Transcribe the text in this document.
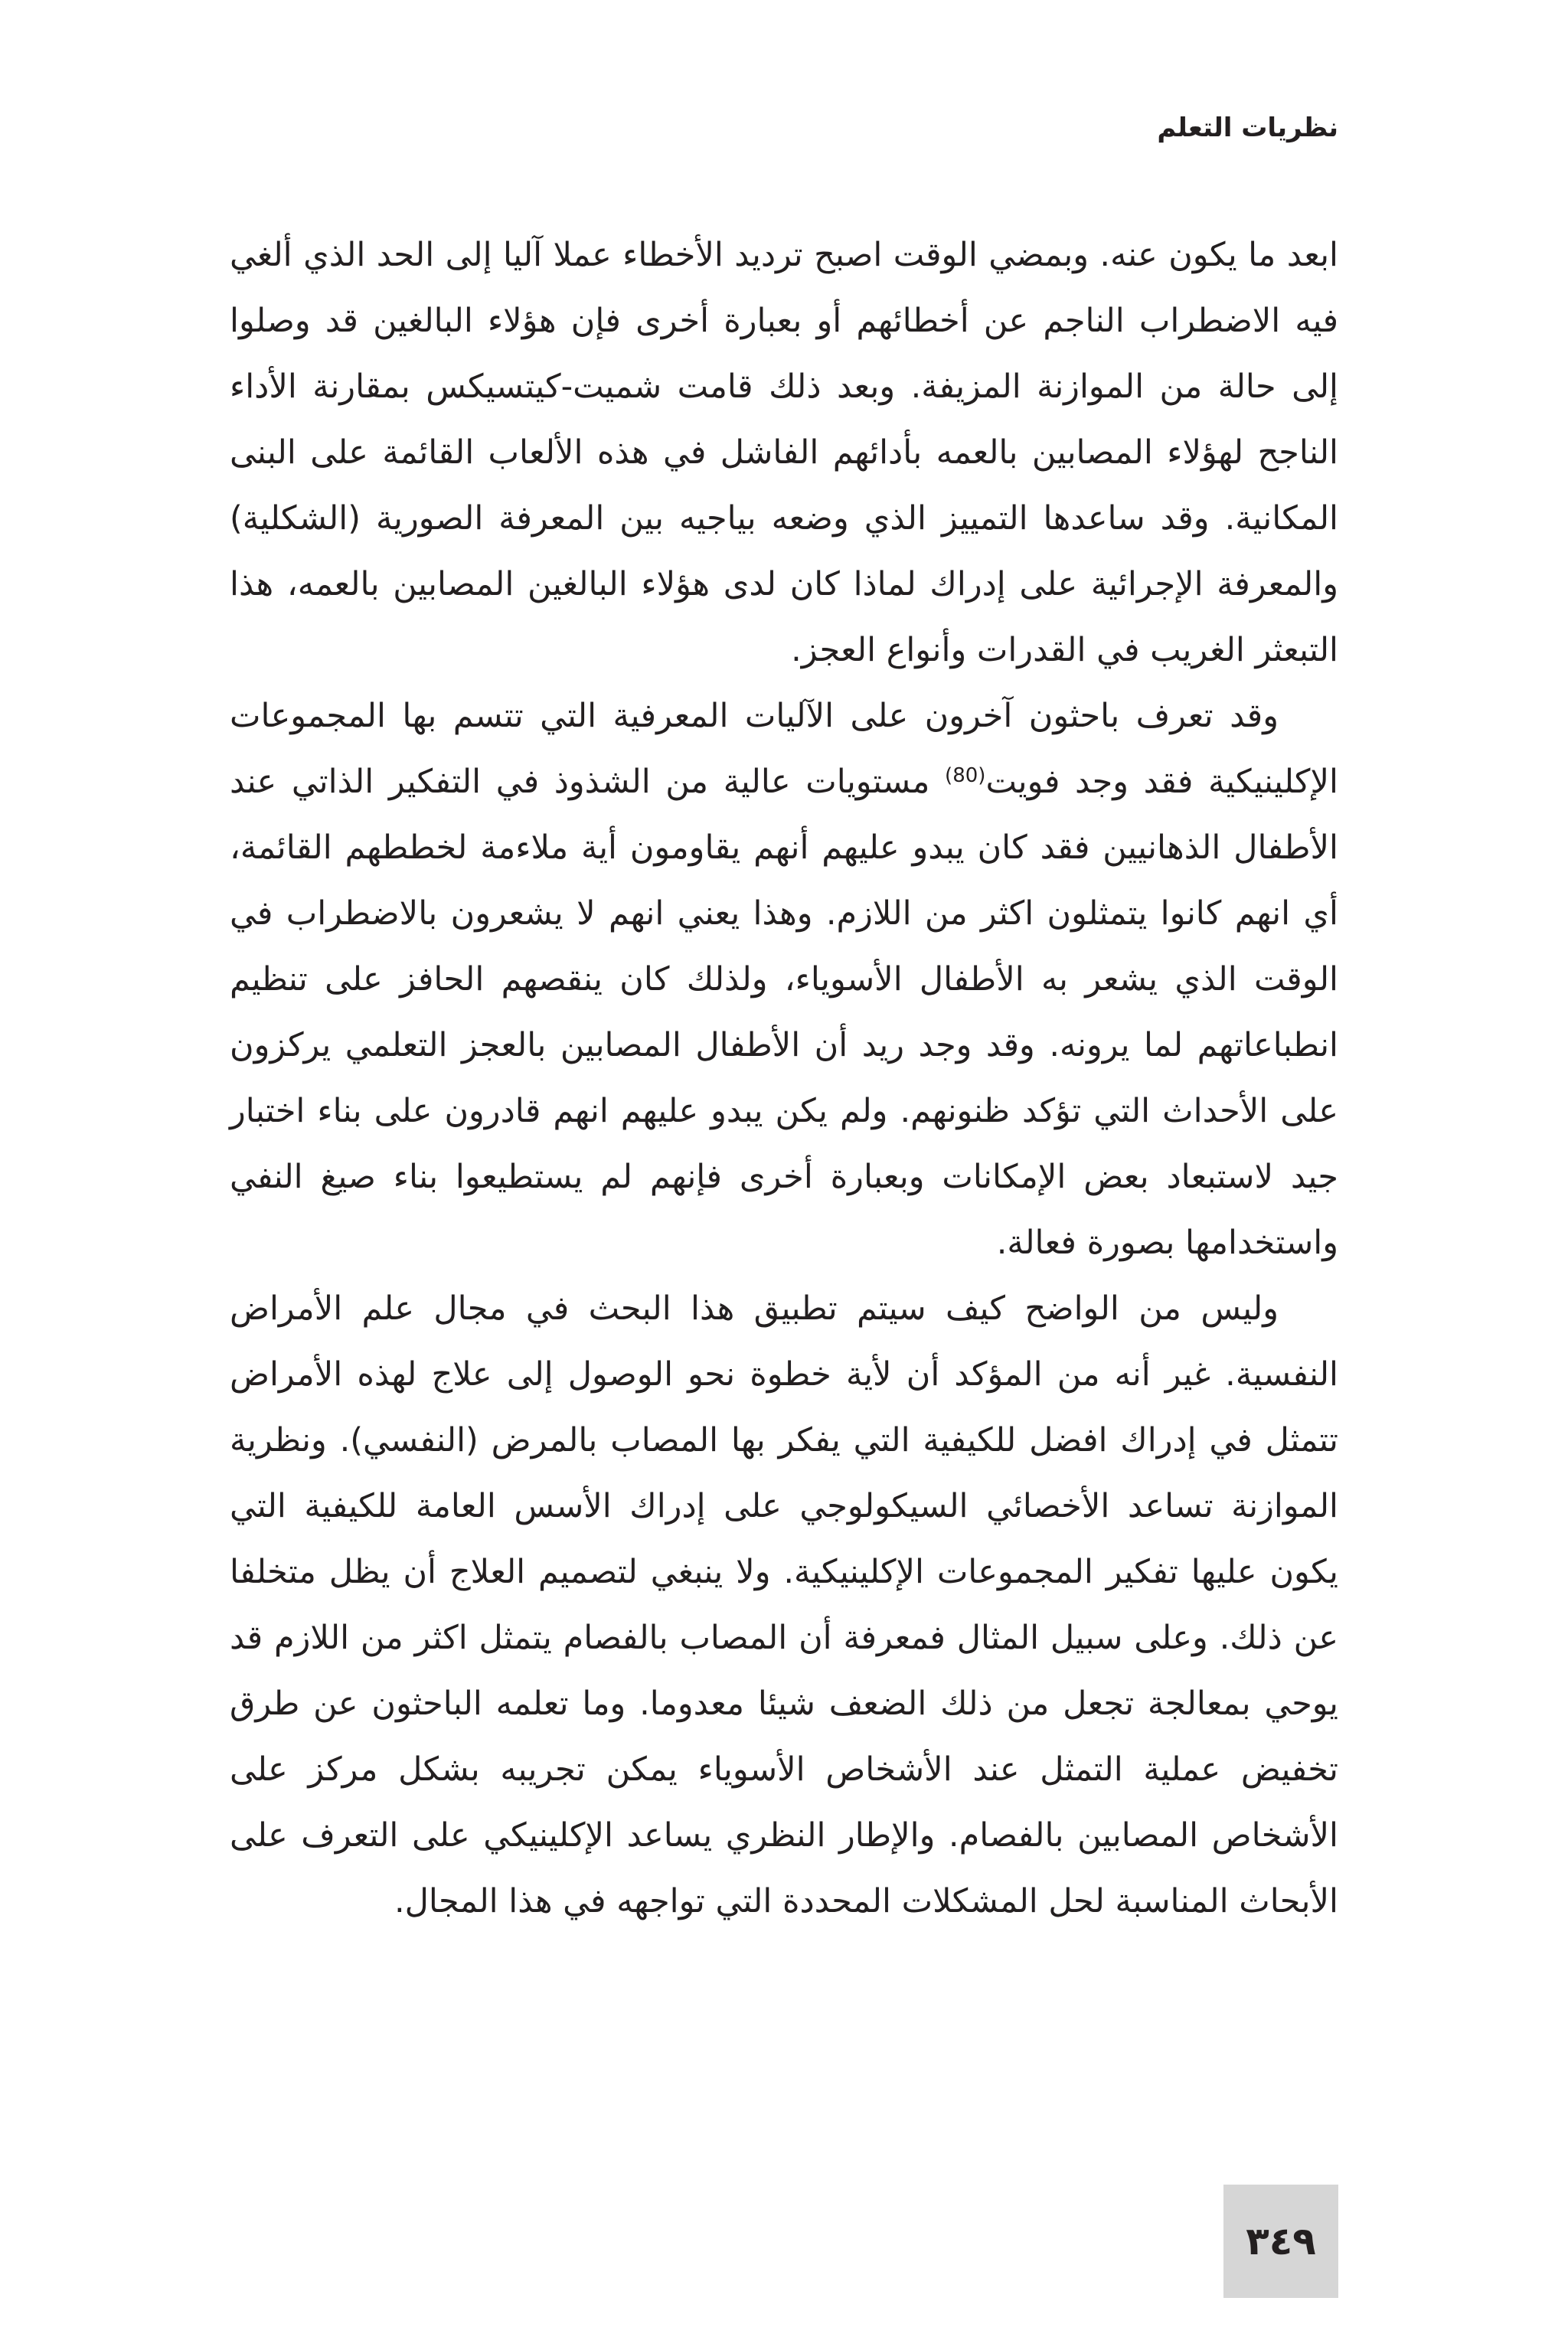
نظريات التعلم

ابعد ما يكون عنه. وبمضي الوقت اصبح ترديد الأخطاء عملا آليا إلى الحد الذي ألغي فيه الاضطراب الناجم عن أخطائهم أو بعبارة أخرى فإن هؤلاء البالغين قد وصلوا إلى حالة من الموازنة المزيفة. وبعد ذلك قامت شميت-كيتسيكس بمقارنة الأداء الناجح لهؤلاء المصابين بالعمه بأدائهم الفاشل في هذه الألعاب القائمة على البنى المكانية. وقد ساعدها التمييز الذي وضعه بياجيه بين المعرفة الصورية (الشكلية) والمعرفة الإجرائية على إدراك لماذا كان لدى هؤلاء البالغين المصابين بالعمه، هذا التبعثر الغريب في القدرات وأنواع العجز.

وقد تعرف باحثون آخرون على الآليات المعرفية التي تتسم بها المجموعات الإكلينيكية فقد وجد فويت$^{(80)}$ مستويات عالية من الشذوذ في التفكير الذاتي عند الأطفال الذهانيين فقد كان يبدو عليهم أنهم يقاومون أية ملاءمة لخططهم القائمة، أي انهم كانوا يتمثلون اكثر من اللازم. وهذا يعني انهم لا يشعرون بالاضطراب في الوقت الذي يشعر به الأطفال الأسوياء، ولذلك كان ينقصهم الحافز على تنظيم انطباعاتهم لما يرونه. وقد وجد ريد أن الأطفال المصابين بالعجز التعلمي يركزون على الأحداث التي تؤكد ظنونهم. ولم يكن يبدو عليهم انهم قادرون على بناء اختبار جيد لاستبعاد بعض الإمكانات وبعبارة أخرى فإنهم لم يستطيعوا بناء صيغ النفي واستخدامها بصورة فعالة.

وليس من الواضح كيف سيتم تطبيق هذا البحث في مجال علم الأمراض النفسية. غير أنه من المؤكد أن لأية خطوة نحو الوصول إلى علاج لهذه الأمراض تتمثل في إدراك افضل للكيفية التي يفكر بها المصاب بالمرض (النفسي). ونظرية الموازنة تساعد الأخصائي السيكولوجي على إدراك الأسس العامة للكيفية التي يكون عليها تفكير المجموعات الإكلينيكية. ولا ينبغي لتصميم العلاج أن يظل متخلفا عن ذلك. وعلى سبيل المثال فمعرفة أن المصاب بالفصام يتمثل اكثر من اللازم قد يوحي بمعالجة تجعل من ذلك الضعف شيئا معدوما. وما تعلمه الباحثون عن طرق تخفيض عملية التمثل عند الأشخاص الأسوياء يمكن تجريبه بشكل مركز على الأشخاص المصابين بالفصام. والإطار النظري يساعد الإكلينيكي على التعرف على الأبحاث المناسبة لحل المشكلات المحددة التي تواجهه في هذا المجال.

٣٤٩
